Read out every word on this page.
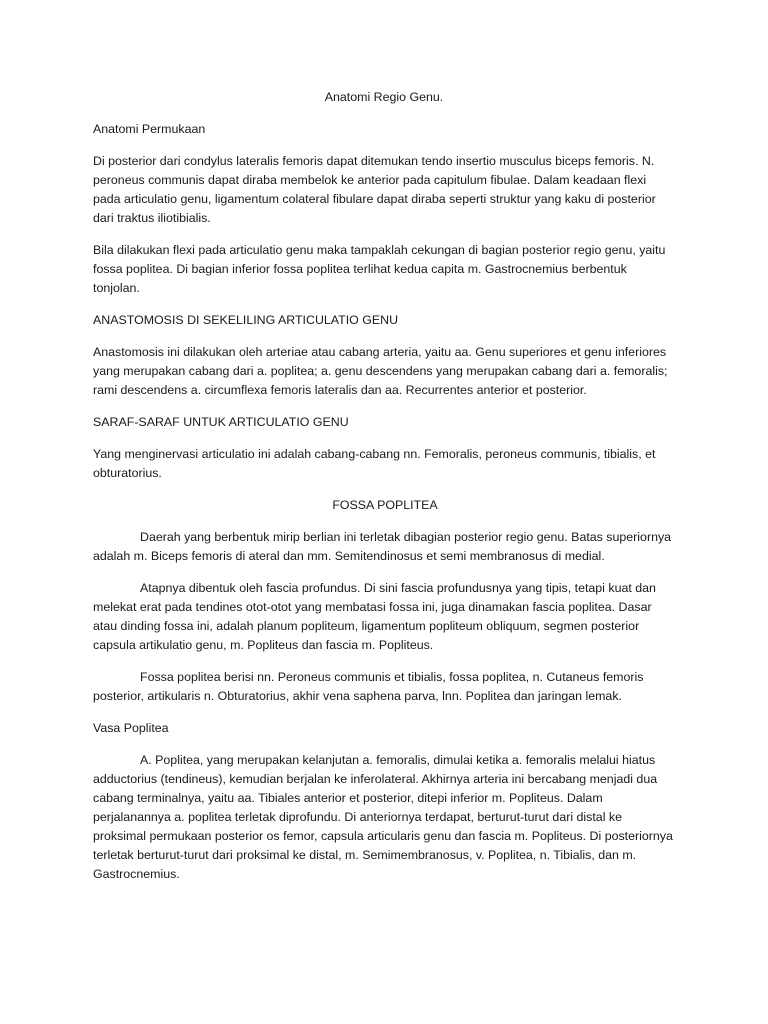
Anatomi Regio Genu.

Anatomi Permukaan

Di posterior dari condylus lateralis femoris dapat ditemukan tendo insertio musculus biceps femoris. N. peroneus communis dapat diraba membelok ke anterior pada capitulum fibulae. Dalam keadaan flexi pada articulatio genu, ligamentum colateral fibulare dapat diraba seperti struktur yang kaku di posterior dari traktus iliotibialis.

Bila dilakukan flexi pada articulatio genu maka tampaklah cekungan di bagian posterior regio genu, yaitu fossa poplitea. Di bagian inferior fossa poplitea terlihat kedua capita m. Gastrocnemius berbentuk tonjolan.

ANASTOMOSIS DI SEKELILING ARTICULATIO GENU

Anastomosis ini dilakukan oleh arteriae atau cabang arteria, yaitu aa. Genu superiores et genu inferiores yang merupakan cabang dari a. poplitea; a. genu descendens yang merupakan cabang dari a. femoralis; rami descendens a. circumflexa femoris lateralis dan aa. Recurrentes anterior et posterior.

SARAF-SARAF UNTUK ARTICULATIO GENU

Yang menginervasi articulatio ini adalah cabang-cabang nn. Femoralis, peroneus communis, tibialis, et obturatorius.

FOSSA POPLITEA

Daerah yang berbentuk mirip berlian ini terletak dibagian posterior regio genu. Batas superiornya adalah m. Biceps femoris di ateral dan mm. Semitendinosus et semi membranosus di medial.

Atapnya dibentuk oleh fascia profundus. Di sini fascia profundusnya yang tipis, tetapi kuat dan melekat erat pada tendines otot-otot yang membatasi fossa ini, juga dinamakan fascia poplitea. Dasar atau dinding fossa ini, adalah planum popliteum, ligamentum popliteum obliquum, segmen posterior capsula artikulatio genu, m. Popliteus dan fascia m. Popliteus.

Fossa poplitea berisi nn. Peroneus communis et tibialis, fossa poplitea, n. Cutaneus femoris posterior, artikularis n. Obturatorius, akhir vena saphena parva, lnn. Poplitea dan jaringan lemak.

Vasa Poplitea

A. Poplitea, yang merupakan kelanjutan a. femoralis, dimulai ketika a. femoralis melalui hiatus adductorius (tendineus), kemudian berjalan ke inferolateral. Akhirnya arteria ini bercabang menjadi dua cabang terminalnya, yaitu aa. Tibiales anterior et posterior, ditepi inferior m. Popliteus. Dalam perjalanannya a. poplitea terletak diprofundu. Di anteriornya terdapat, berturut-turut dari distal ke proksimal permukaan posterior os femor, capsula articularis genu dan fascia m. Popliteus. Di posteriornya terletak berturut-turut dari proksimal ke distal, m. Semimembranosus, v. Poplitea, n. Tibialis, dan m. Gastrocnemius.
